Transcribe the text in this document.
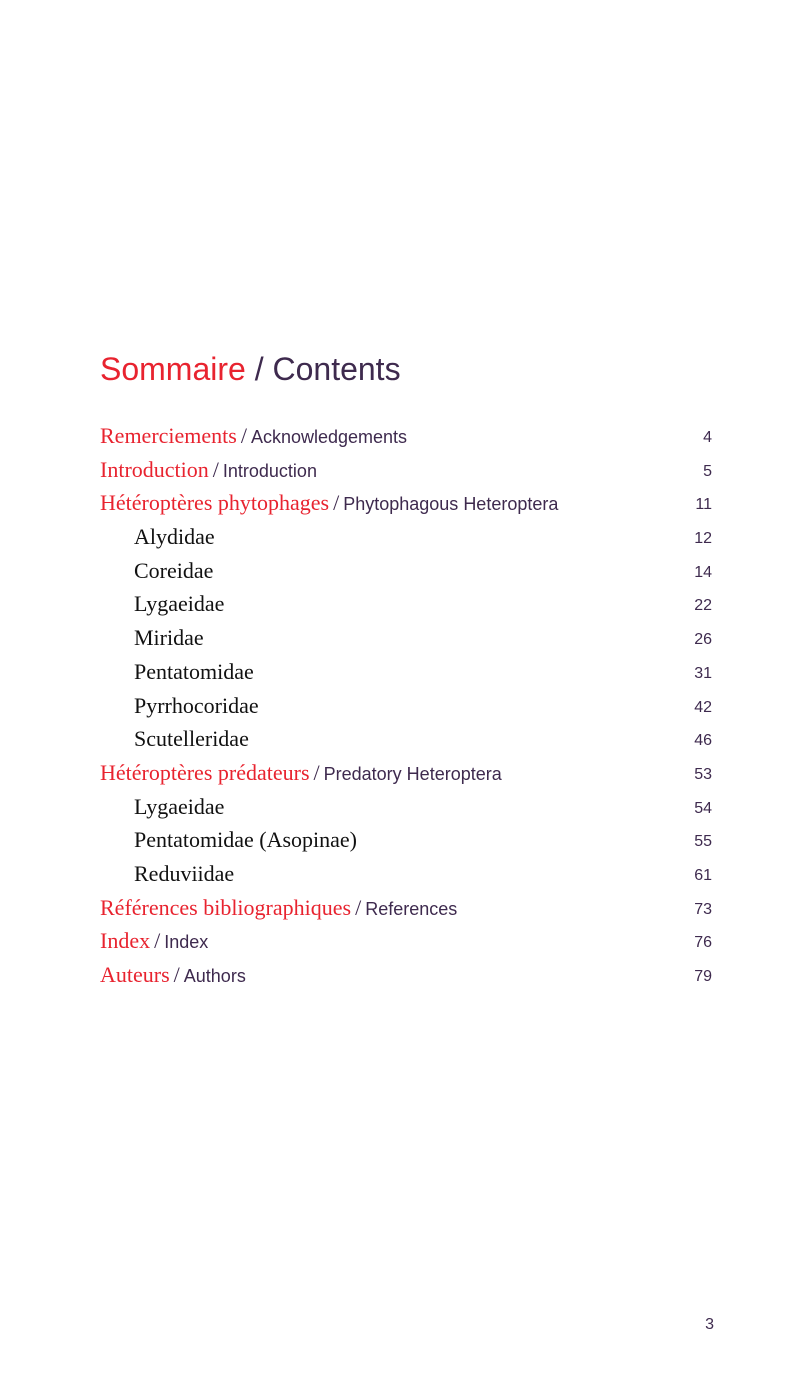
Sommaire / Contents
Remerciements / Acknowledgements	4
Introduction / Introduction	5
Hétéroptères phytophages / Phytophagous Heteroptera	11
Alydidae	12
Coreidae	14
Lygaeidae	22
Miridae	26
Pentatomidae	31
Pyrrhocoridae	42
Scutelleridae	46
Hétéroptères prédateurs / Predatory Heteroptera	53
Lygaeidae	54
Pentatomidae (Asopinae)	55
Reduviidae	61
Références bibliographiques / References	73
Index / Index	76
Auteurs / Authors	79
3
